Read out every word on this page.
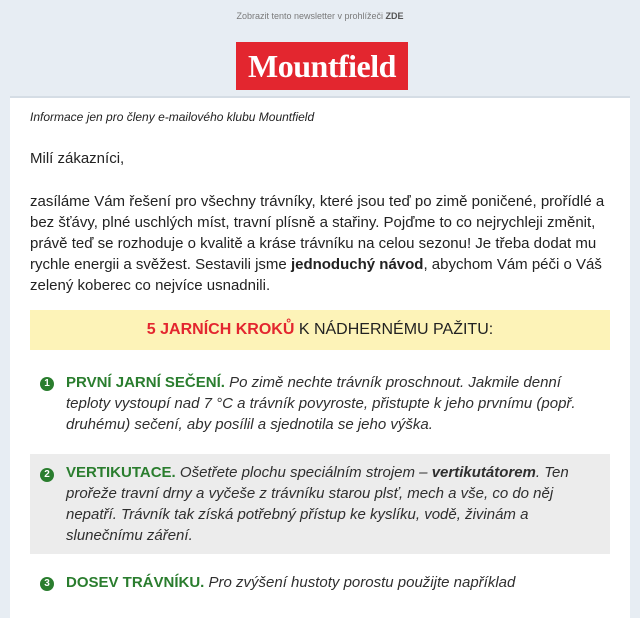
Zobrazit tento newsletter v prohlížeči ZDE
Mountfield
Informace jen pro členy e-mailového klubu Mountfield
Milí zákazníci,
zasíláme Vám řešení pro všechny trávníky, které jsou teď po zimě poničené, prořídlé a bez šťávy, plné uschlých míst, travní plísně a stařiny. Pojďme to co nejrychleji změnit, právě teď se rozhoduje o kvalitě a kráse trávníku na celou sezonu! Je třeba dodat mu rychle energii a svěžest. Sestavili jsme jednoduchý návod, abychom Vám péči o Váš zelený koberec co nejvíce usnadnili.
5 JARNÍCH KROKŮ K NÁDHERNÉMU PAŽITU:
1 PRVNÍ JARNÍ SEČENÍ. Po zimě nechte trávník proschnout. Jakmile denní teploty vystoupí nad 7 °C a trávník povyroste, přistupte k jeho prvnímu (popř. druhému) sečení, aby posílil a sjednotila se jeho výška.
2 VERTIKUTACE. Ošetřete plochu speciálním strojem – vertikutátorem. Ten prořeže travní drny a vyčeše z trávníku starou plsť, mech a vše, co do něj nepatří. Trávník tak získá potřebný přístup ke kyslíku, vodě, živinám a slunečnímu záření.
3 DOSEV TRÁVNÍKU. Pro zvýšení hustoty porostu použijte například
